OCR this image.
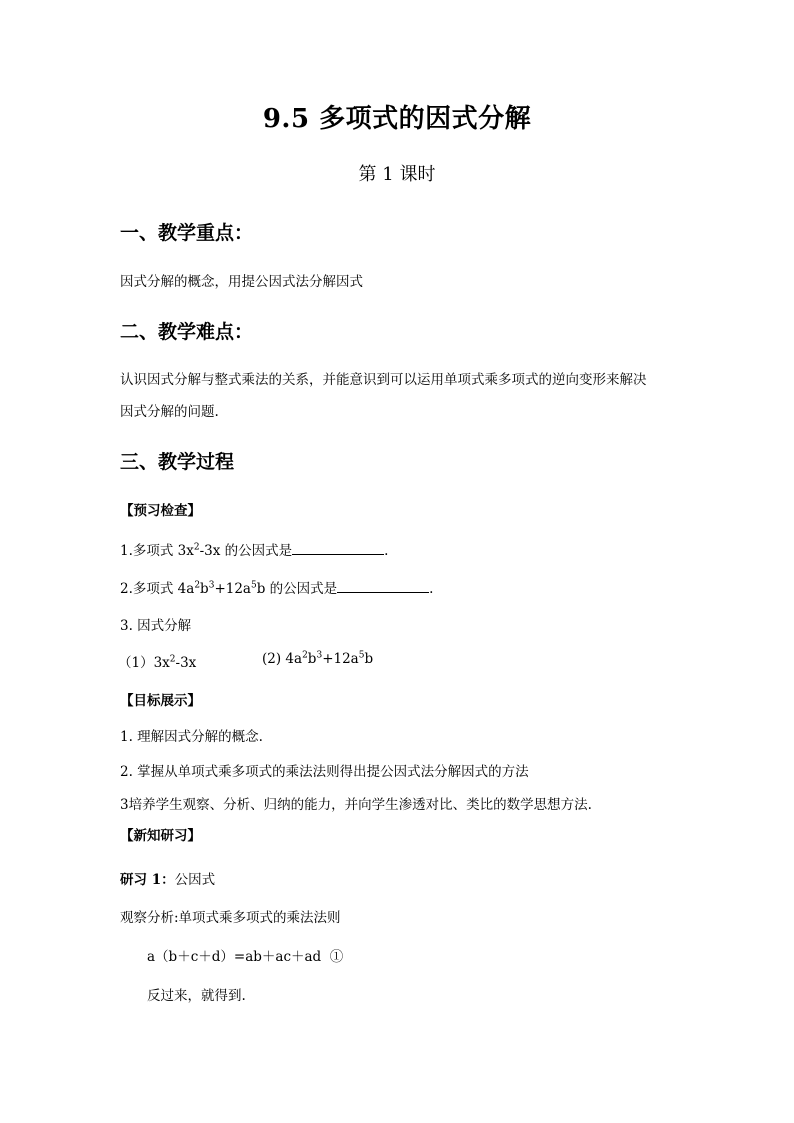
9.5 多项式的因式分解
第 1 课时
一、教学重点：
因式分解的概念，用提公因式法分解因式
二、教学难点：
认识因式分解与整式乘法的关系，并能意识到可以运用单项式乘多项式的逆向变形来解决
因式分解的问题.
三、教学过程
【预习检查】
1.多项式 $3x^2-3x$ 的公因式是	.
2.多项式 $4a^2b^3+12a^5b$ 的公因式是	.
3. 因式分解
$(1)3x^2-3x$	(2) $4a^2b^3+12a^5b$
【目标展示】
1. 理解因式分解的概念.
2. 掌握从单项式乘多项式的乘法法则得出提公因式法分解因式的方法
3培养学生观察、分析、归纳的能力，并向学生渗透对比、类比的数学思想方法.
【新知研习】
研习 1：公因式
观察分析:单项式乘多项式的乘法法则
a（b＋c＋d）=ab＋ac＋ad  ①
反过来，就得到.
